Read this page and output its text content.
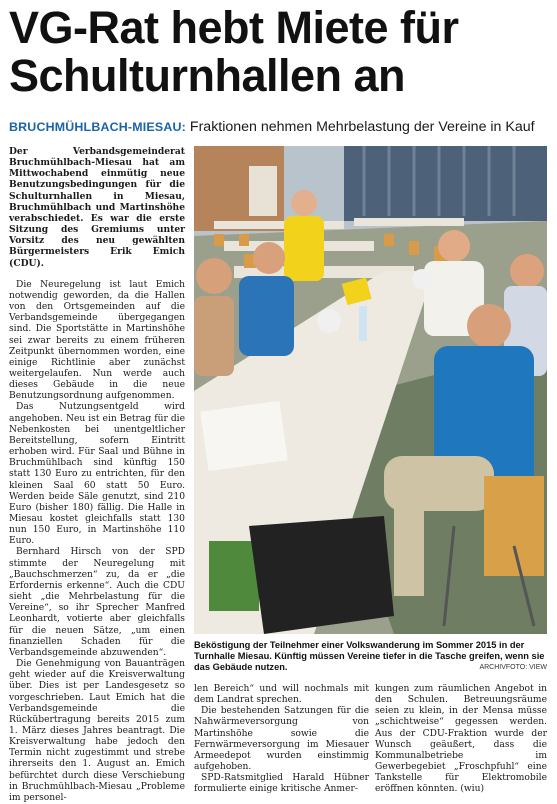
VG-Rat hebt Miete für
Schulturnhallen an
BRUCHMÜHLBACH-MIESAU: Fraktionen nehmen Mehrbelastung der Vereine in Kauf

Der Verbandsgemeinderat Bruchmühlbach-Miesau hat am Mittwochabend einmütig neue Benutzungsbedingungen für die Schulturnhallen in Miesau, Bruchmühlbach und Martinshöhe verabschiedet. Es war die erste Sitzung des Gremiums unter Vorsitz des neu gewählten Bürgermeisters Erik Emich (CDU).

Die Neuregelung ist laut Emich notwendig geworden, da die Hallen von den Ortsgemeinden auf die Verbandsgemeinde übergegangen sind. Die Sportstätte in Martinshöhe sei zwar bereits zu einem früheren Zeitpunkt übernommen worden, eine einige Richtlinie aber zunächst weitergelaufen. Nun werde auch dieses Gebäude in die neue Benutzungsordnung aufgenommen.

Das Nutzungsentgeld wird angehoben. Neu ist ein Betrag für die Nebenkosten bei unentgeltlicher Bereitstellung, sofern Eintritt erhoben wird. Für Saal und Bühne in Bruchmühlbach sind künftig 150 statt 130 Euro zu entrichten, für den kleinen Saal 60 statt 50 Euro. Werden beide Säle genutzt, sind 210 Euro (bisher 180) fällig. Die Halle in Miesau kostet gleichfalls statt 130 nun 150 Euro, in Martinshöhe 110 Euro.

Bernhard Hirsch von der SPD stimmte der Neuregelung mit „Bauchschmerzen“ zu, da er „die Erfordernis erkenne“. Auch die CDU sieht „die Mehrbelastung für die Vereine“, so ihr Sprecher Manfred Leonhardt, votierte aber gleichfalls für die neuen Sätze, „um einen finanziellen Schaden für die Verbandsgemeinde abzuwenden“.

Die Genehmigung von Bauanträgen geht wieder auf die Kreisverwaltung über. Dies ist per Landesgesetz so vorgeschrieben. Laut Emich hat die Verbandsgemeinde die Rückübertragung bereits 2015 zum 1. März dieses Jahres beantragt. Die Kreisverwaltung habe jedoch den Termin nicht zugestimmt und strebe ihrerseits den 1. August an. Emich befürchtet durch diese Verschiebung in Bruchmühlbach-Miesau „Probleme im personel-

Beköstigung der Teilnehmer einer Volkswanderung im Sommer 2015 in der Turnhalle Miesau. Künftig müssen Vereine tiefer in die Tasche greifen, wenn sie das Gebäude nutzen.	ARCHIVFOTO: VIEW

len Bereich“ und will nochmals mit dem Landrat sprechen.

Die bestehenden Satzungen für die Nahwärmeversorgung von Martinshöhe sowie die Fernwärmeversorgung im Miesauer Armeedepot wurden einstimmig aufgehoben.

SPD-Ratsmitglied Harald Hübner formulierte einige kritische Anmer-

kungen zum räumlichen Angebot in den Schulen. Betreuungsräume seien zu klein, in der Mensa müsse „schichtweise“ gegessen werden. Aus der CDU-Fraktion wurde der Wunsch geäußert, dass die Kommunalbetriebe im Gewerbegebiet „Froschpfuhl“ eine Tankstelle für Elektromobile eröffnen könnten. (wiu)
